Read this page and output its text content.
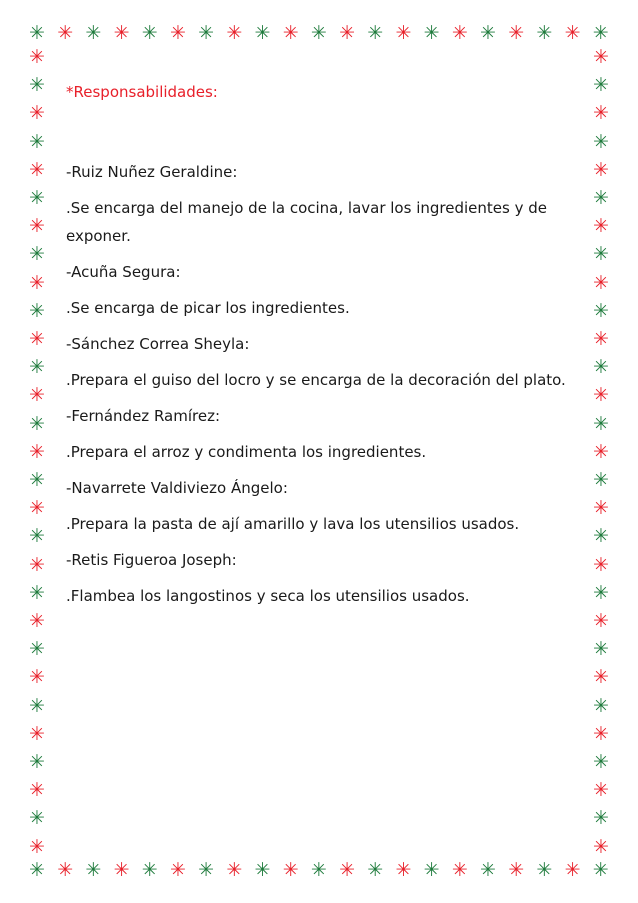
✳ ✳ ✳ ✳ ✳ ✳ ✳ ✳ ✳ ✳ ✳ ✳ ✳ ✳ ✳ ✳ ✳ ✳ ✳ ✳ ✳
✳ ✳ ✳ ✳ ✳ ✳ ✳ ✳ ✳ ✳ ✳ ✳ ✳ ✳ ✳ ✳ ✳ ✳ ✳ ✳ ✳
✳
✳
✳
✳
✳
✳
✳
✳
✳
✳
✳
✳
✳
✳
✳
✳
✳
✳
✳
✳
✳
✳
✳
✳
✳
✳
✳
✳
✳
✳
✳
✳
✳
✳
✳
✳
✳
✳
✳
✳
✳
✳
✳
✳
✳
✳
✳
✳
✳
✳
✳
✳
✳
✳
✳
✳
✳
✳
*Responsabilidades:
-Ruiz Nuñez Geraldine:
.Se encarga del manejo de la cocina, lavar los ingredientes y de exponer.
-Acuña Segura:
.Se encarga de picar los ingredientes.
-Sánchez Correa Sheyla:
.Prepara el guiso del locro y se encarga de la decoración del plato.
-Fernández Ramírez:
.Prepara el arroz y condimenta los ingredientes.
-Navarrete Valdiviezo Ángelo:
.Prepara la pasta de ají amarillo y lava los utensilios usados.
-Retis Figueroa Joseph:
.Flambea los langostinos y seca los utensilios usados.
